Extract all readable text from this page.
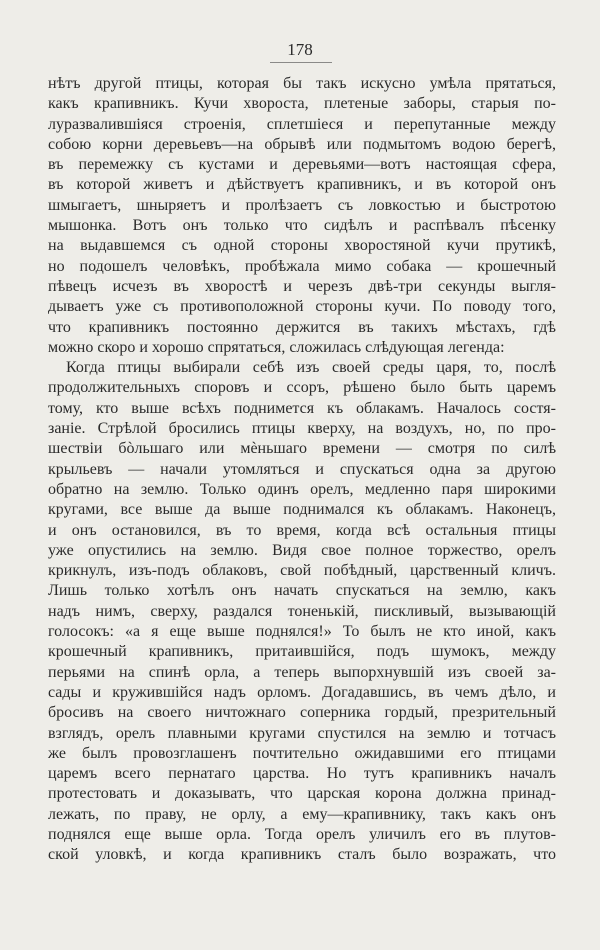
178
нѣтъ другой птицы, которая бы такъ искусно умѣла прятаться,
какъ крапивникъ. Кучи хвороста, плетеные заборы, старыя по-
луразвалившіяся строенія, сплетшіеся и перепутанные между
собою корни деревьевъ—на обрывѣ или подмытомъ водою берегѣ,
въ перемежку съ кустами и деревьями—вотъ настоящая сфера,
въ которой живетъ и дѣйствуетъ крапивникъ, и въ которой онъ
шмыгаетъ, шныряетъ и пролѣзаетъ съ ловкостью и быстротою
мышонка. Вотъ онъ только что сидѣлъ и распѣвалъ пѣсенку
на выдавшемся съ одной стороны хворостяной кучи прутикѣ,
но подошелъ человѣкъ, пробѣжала мимо собака — крошечный
пѣвецъ исчезъ въ хворостѣ и черезъ двѣ-три секунды выгля-
дываетъ уже съ противоположной стороны кучи. По поводу того,
что крапивникъ постоянно держится въ такихъ мѣстахъ, гдѣ
можно скоро и хорошо спрятаться, сложилась слѣдующая легенда:
Когда птицы выбирали себѣ изъ своей среды царя, то, послѣ
продолжительныхъ споровъ и ссоръ, рѣшено было быть царемъ
тому, кто выше всѣхъ поднимется къ облакамъ. Началось состя-
заніе. Стрѣлой бросились птицы кверху, на воздухъ, но, по про-
шествіи бòльшаго или мѐньшаго времени — смотря по силѣ
крыльевъ — начали утомляться и спускаться одна за другою
обратно на землю. Только одинъ орелъ, медленно паря широкими
кругами, все выше да выше поднимался къ облакамъ. Наконецъ,
и онъ остановился, въ то время, когда всѣ остальныя птицы
уже опустились на землю. Видя свое полное торжество, орелъ
крикнулъ, изъ-подъ облаковъ, свой побѣдный, царственный кличъ.
Лишь только хотѣлъ онъ начать спускаться на землю, какъ
надъ нимъ, сверху, раздался тоненькій, пискливый, вызывающій
голосокъ: «а я еще выше поднялся!» То былъ не кто иной, какъ
крошечный крапивникъ, притаившійся, подъ шумокъ, между
перьями на спинѣ орла, а теперь выпорхнувшій изъ своей за-
сады и кружившійся надъ орломъ. Догадавшись, въ чемъ дѣло, и
бросивъ на своего ничтожнаго соперника гордый, презрительный
взглядъ, орелъ плавными кругами спустился на землю и тотчасъ
же былъ провозглашенъ почтительно ожидавшими его птицами
царемъ всего пернатаго царства. Но тутъ крапивникъ началъ
протестовать и доказывать, что царская корона должна принад-
лежать, по праву, не орлу, а ему—крапивнику, такъ какъ онъ
поднялся еще выше орла. Тогда орелъ уличилъ его въ плутов-
ской уловкѣ, и когда крапивникъ сталъ было возражать, что
